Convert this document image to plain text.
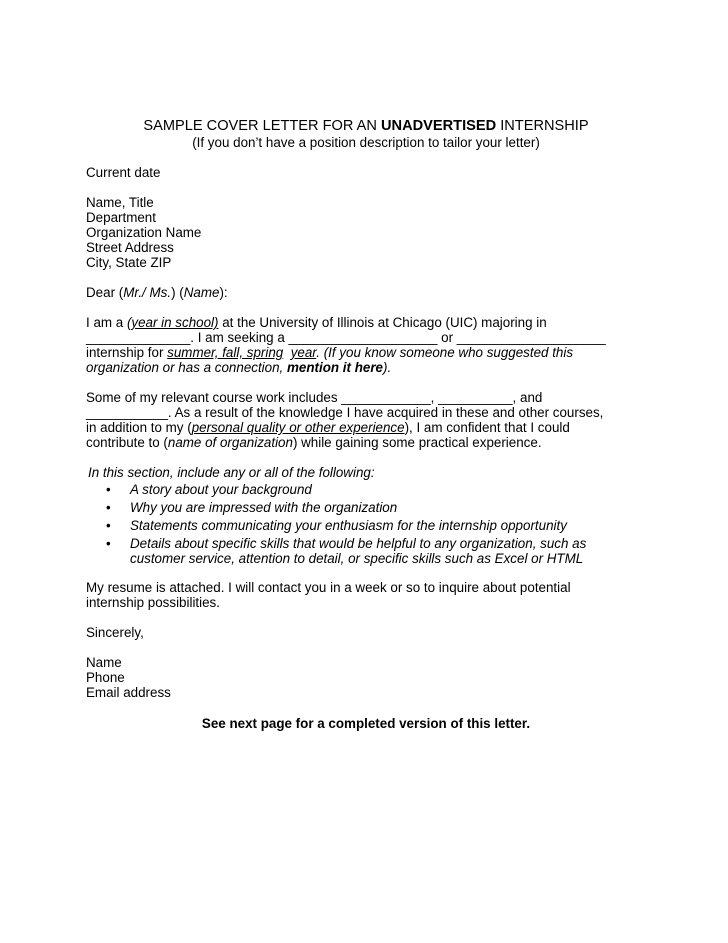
SAMPLE COVER LETTER FOR AN UNADVERTISED INTERNSHIP
(If you don’t have a position description to tailor your letter)

Current date

Name, Title

Department

Organization Name

Street Address

City, State ZIP

Dear (Mr./ Ms.) (Name):

I am a (year in school) at the University of Illinois at Chicago (UIC) majoring in

______________. I am seeking a ____________________ or ____________________

internship for summer, fall, spring year. (If you know someone who suggested this

organization or has a connection, mention it here).

Some of my relevant course work includes ____________, __________, and

___________. As a result of the knowledge I have acquired in these and other courses,

in addition to my (personal quality or other experience), I am confident that I could

contribute to (name of organization) while gaining some practical experience.

In this section, include any or all of the following:

• A story about your background
• Why you are impressed with the organization
• Statements communicating your enthusiasm for the internship opportunity
• Details about specific skills that would be helpful to any organization, such as customer service, attention to detail, or specific skills such as Excel or HTML

My resume is attached. I will contact you in a week or so to inquire about potential

internship possibilities.

Sincerely,

Name

Phone

Email address

See next page for a completed version of this letter.
